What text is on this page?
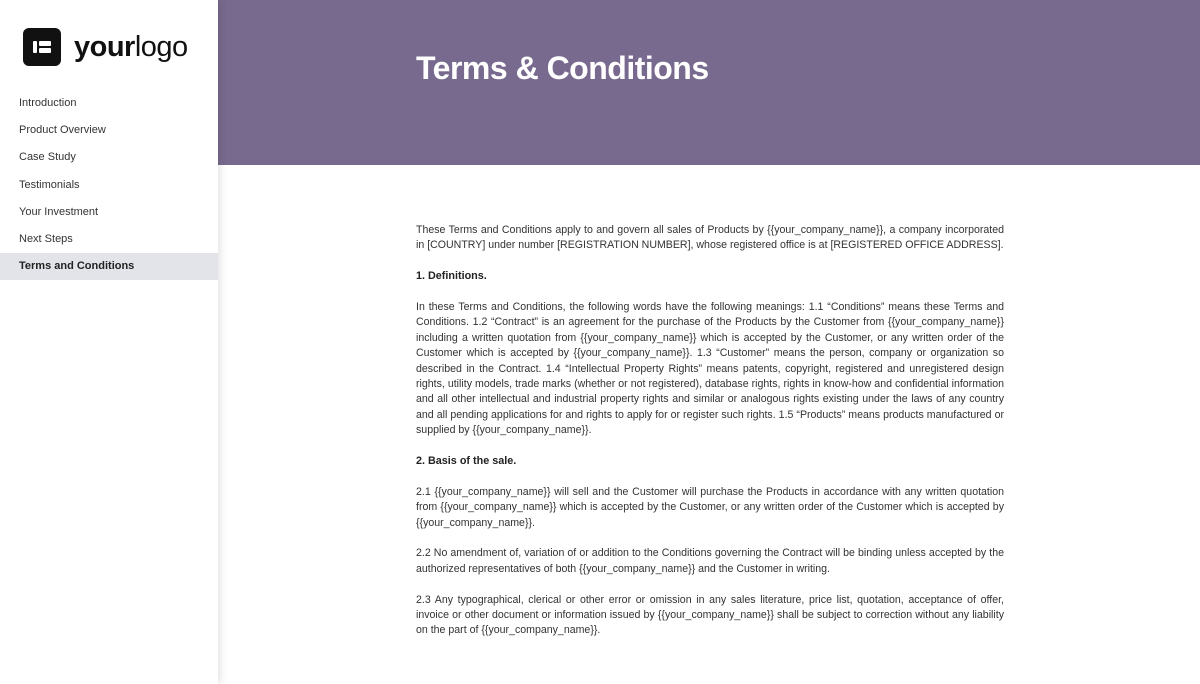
yourlogo
Introduction
Product Overview
Case Study
Testimonials
Your Investment
Next Steps
Terms and Conditions
Terms & Conditions

These Terms and Conditions apply to and govern all sales of Products by {{your_company_name}}, a company incorporated in [COUNTRY] under number [REGISTRATION NUMBER], whose registered office is at [REGISTERED OFFICE ADDRESS].

1. Definitions.

In these Terms and Conditions, the following words have the following meanings: 1.1 “Conditions” means these Terms and Conditions. 1.2 “Contract” is an agreement for the purchase of the Products by the Customer from {{your_company_name}} including a written quotation from {{your_company_name}} which is accepted by the Customer, or any written order of the Customer which is accepted by {{your_company_name}}. 1.3 “Customer” means the person, company or organization so described in the Contract. 1.4 “Intellectual Property Rights” means patents, copyright, registered and unregistered design rights, utility models, trade marks (whether or not registered), database rights, rights in know-how and confidential information and all other intellectual and industrial property rights and similar or analogous rights existing under the laws of any country and all pending applications for and rights to apply for or register such rights. 1.5 “Products” means products manufactured or supplied by {{your_company_name}}.

2. Basis of the sale.

2.1 {{your_company_name}} will sell and the Customer will purchase the Products in accordance with any written quotation from {{your_company_name}} which is accepted by the Customer, or any written order of the Customer which is accepted by {{your_company_name}}.

2.2 No amendment of, variation of or addition to the Conditions governing the Contract will be binding unless accepted by the authorized representatives of both {{your_company_name}} and the Customer in writing.

2.3 Any typographical, clerical or other error or omission in any sales literature, price list, quotation, acceptance of offer, invoice or other document or information issued by {{your_company_name}} shall be subject to correction without any liability on the part of {{your_company_name}}.
